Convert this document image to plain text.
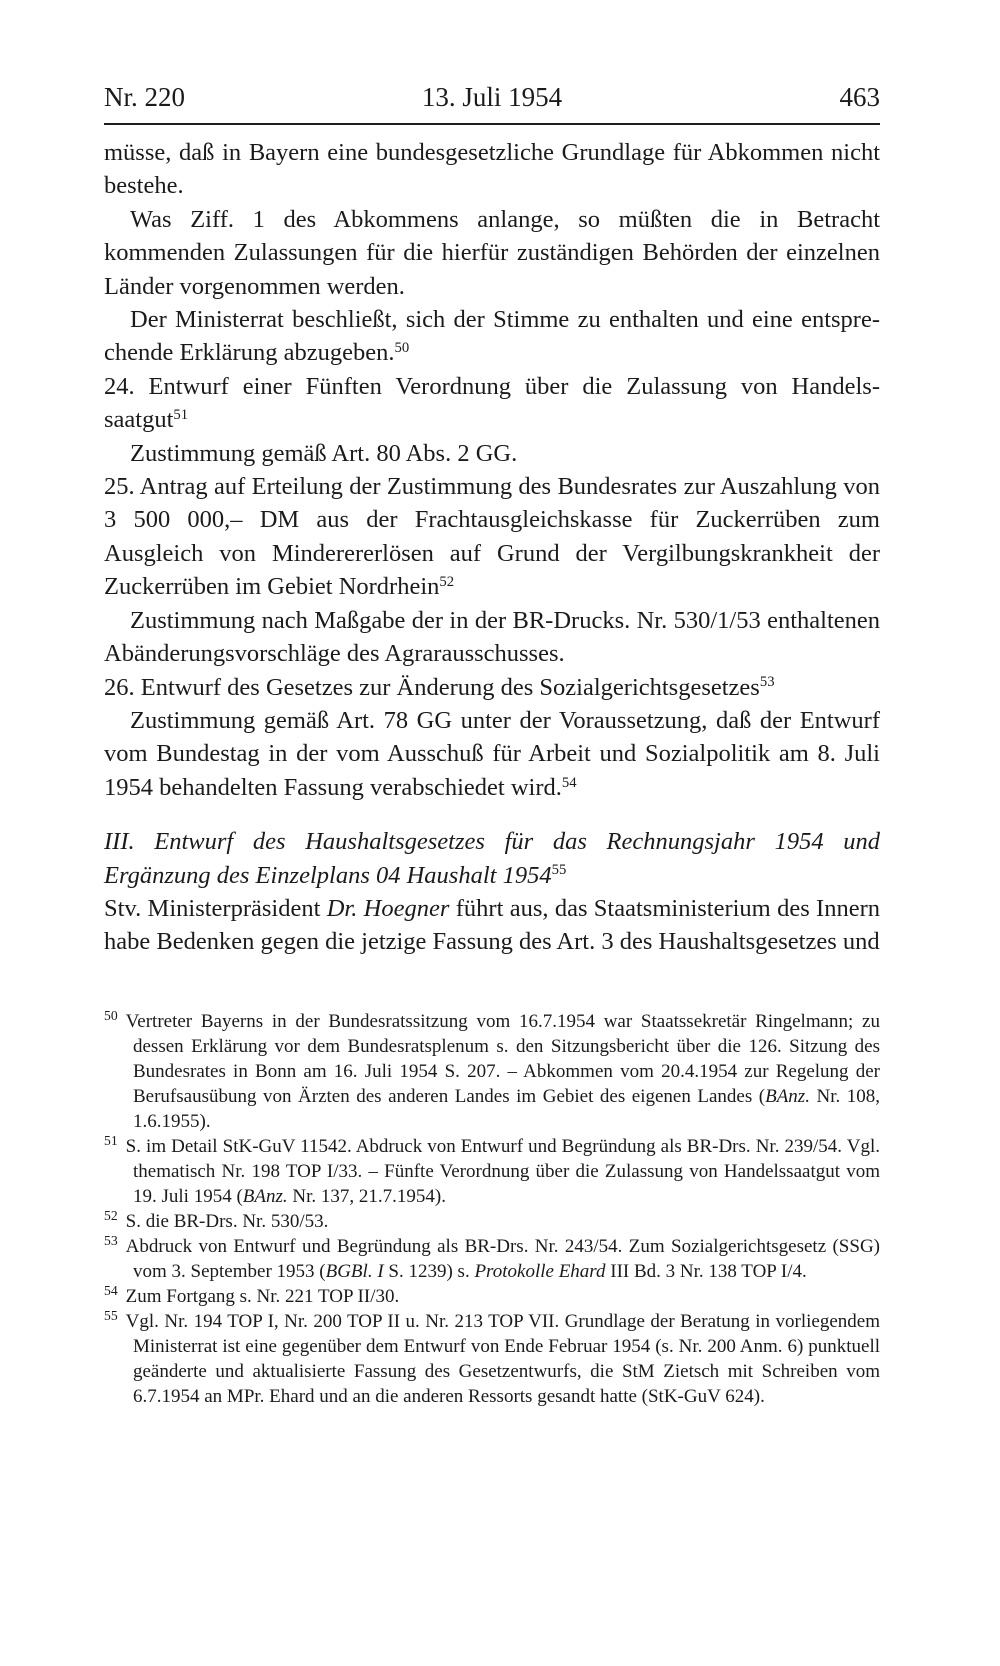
Nr. 220	13. Juli 1954	463

müsse, daß in Bayern eine bundesgesetzliche Grundlage für Abkommen nicht bestehe.

Was Ziff. 1 des Abkommens anlange, so müßten die in Betracht kommenden Zulassungen für die hierfür zuständigen Behörden der einzelnen Länder vorgenommen werden.

Der Ministerrat beschließt, sich der Stimme zu enthalten und eine entsprechende Erklärung abzugeben.$^{50}$

24. Entwurf einer Fünften Verordnung über die Zulassung von Handelssaatgut$^{51}$

Zustimmung gemäß Art. 80 Abs. 2 GG.

25. Antrag auf Erteilung der Zustimmung des Bundesrates zur Auszahlung von 3 500 000,– DM aus der Frachtausgleichskasse für Zuckerrüben zum Ausgleich von Minderererlösen auf Grund der Vergilbungskrankheit der Zuckerrüben im Gebiet Nordrhein$^{52}$

Zustimmung nach Maßgabe der in der BR-Drucks. Nr. 530/1/53 enthaltenen Abänderungsvorschläge des Agrarausschusses.

26. Entwurf des Gesetzes zur Änderung des Sozialgerichtsgesetzes$^{53}$

Zustimmung gemäß Art. 78 GG unter der Voraussetzung, daß der Entwurf vom Bundestag in der vom Ausschuß für Arbeit und Sozialpolitik am 8. Juli 1954 behandelten Fassung verabschiedet wird.$^{54}$

III. Entwurf des Haushaltsgesetzes für das Rechnungsjahr 1954 und Ergänzung des Einzelplans 04 Haushalt 1954$^{55}$

Stv. Ministerpräsident Dr. Hoegner führt aus, das Staatsministerium des Innern habe Bedenken gegen die jetzige Fassung des Art. 3 des Haushaltsgesetzes und

$^{50}$ Vertreter Bayerns in der Bundesratssitzung vom 16.7.1954 war Staatssekretär Ringelmann; zu dessen Erklärung vor dem Bundesratsplenum s. den Sitzungsbericht über die 126. Sitzung des Bundesrates in Bonn am 16. Juli 1954 S. 207. – Abkommen vom 20.4.1954 zur Regelung der Berufsausübung von Ärzten des anderen Landes im Gebiet des eigenen Landes (BAnz. Nr. 108, 1.6.1955).

$^{51}$ S. im Detail StK-GuV 11542. Abdruck von Entwurf und Begründung als BR-Drs. Nr. 239/54. Vgl. thematisch Nr. 198 TOP I/33. – Fünfte Verordnung über die Zulassung von Handelssaatgut vom 19. Juli 1954 (BAnz. Nr. 137, 21.7.1954).

$^{52}$ S. die BR-Drs. Nr. 530/53.

$^{53}$ Abdruck von Entwurf und Begründung als BR-Drs. Nr. 243/54. Zum Sozialgerichtsgesetz (SSG) vom 3. September 1953 (BGBl. I S. 1239) s. Protokolle Ehard III Bd. 3 Nr. 138 TOP I/4.

$^{54}$ Zum Fortgang s. Nr. 221 TOP II/30.

$^{55}$ Vgl. Nr. 194 TOP I, Nr. 200 TOP II u. Nr. 213 TOP VII. Grundlage der Beratung in vorliegendem Ministerrat ist eine gegenüber dem Entwurf von Ende Februar 1954 (s. Nr. 200 Anm. 6) punktuell geänderte und aktualisierte Fassung des Gesetzentwurfs, die StM Zietsch mit Schreiben vom 6.7.1954 an MPr. Ehard und an die anderen Ressorts gesandt hatte (StK-GuV 624).
